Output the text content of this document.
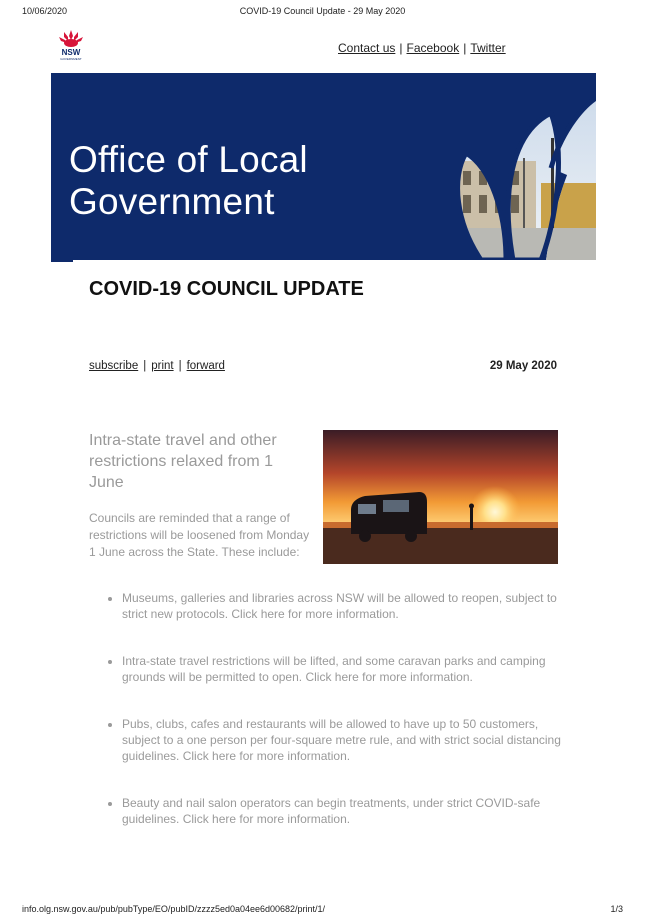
10/06/2020	COVID-19 Council Update - 29 May 2020
NSW
GOVERNMENT
Contact us | Facebook | Twitter
Office of Local
Government
COVID-19 COUNCIL UPDATE
subscribe | print | forward	29 May 2020
Intra-state travel and other restrictions relaxed from 1 June

Councils are reminded that a range of restrictions will be loosened from Monday 1 June across the State. These include:

• Museums, galleries and libraries across NSW will be allowed to reopen, subject to strict new protocols. Click here for more information.
• Intra-state travel restrictions will be lifted, and some caravan parks and camping grounds will be permitted to open. Click here for more information.
• Pubs, clubs, cafes and restaurants will be allowed to have up to 50 customers, subject to a one person per four-square metre rule, and with strict social distancing guidelines. Click here for more information.
• Beauty and nail salon operators can begin treatments, under strict COVID-safe guidelines. Click here for more information.
info.olg.nsw.gov.au/pub/pubType/EO/pubID/zzzz5ed0a04ee6d00682/print/1/	1/3
